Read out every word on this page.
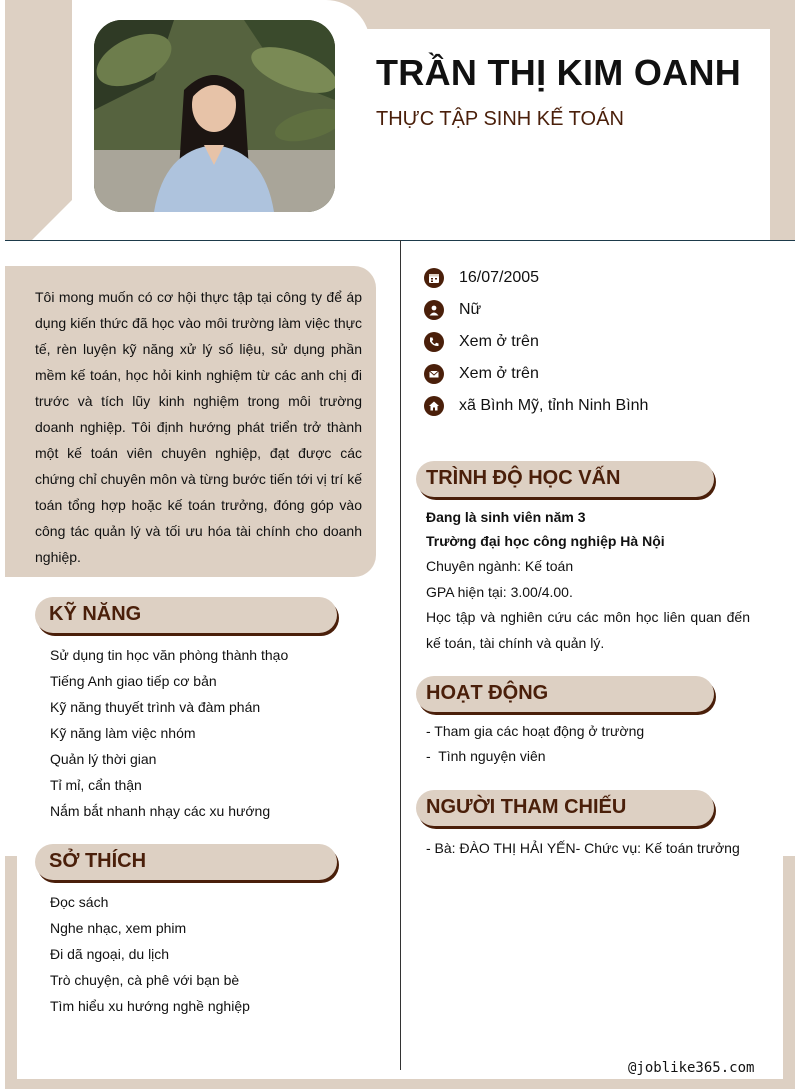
TRẦN THỊ KIM OANH
THỰC TẬP SINH KẾ TOÁN

Tôi mong muốn có cơ hội thực tập tại công ty để áp dụng kiến thức đã học vào môi trường làm việc thực tế, rèn luyện kỹ năng xử lý số liệu, sử dụng phần mềm kế toán, học hỏi kinh nghiệm từ các anh chị đi trước và tích lũy kinh nghiệm trong môi trường doanh nghiệp. Tôi định hướng phát triển trở thành một kế toán viên chuyên nghiệp, đạt được các chứng chỉ chuyên môn và từng bước tiến tới vị trí kế toán tổng hợp hoặc kế toán trưởng, đóng góp vào công tác quản lý và tối ưu hóa tài chính cho doanh nghiệp.

KỸ NĂNG
Sử dụng tin học văn phòng thành thạo
Tiếng Anh giao tiếp cơ bản
Kỹ năng thuyết trình và đàm phán
Kỹ năng làm việc nhóm
Quản lý thời gian
Tỉ mỉ, cẩn thận
Nắm bắt nhanh nhạy các xu hướng
SỞ THÍCH
Đọc sách
Nghe nhạc, xem phim
Đi dã ngoại, du lịch
Trò chuyện, cà phê với bạn bè
Tìm hiểu xu hướng nghề nghiệp
16/07/2005
Nữ
Xem ở trên
Xem ở trên
xã Bình Mỹ, tỉnh Ninh Bình
TRÌNH ĐỘ HỌC VẤN
Đang là sinh viên năm 3
Trường đại học công nghiệp Hà Nội
Chuyên ngành: Kế toán
GPA hiện tại: 3.00/4.00.

Học tập và nghiên cứu các môn học liên quan đến kế toán, tài chính và quản lý.

HOẠT ĐỘNG
- Tham gia các hoạt động ở trường
-  Tình nguyện viên
NGƯỜI THAM CHIẾU
- Bà: ĐÀO THỊ HẢI YẾN- Chức vụ: Kế toán trưởng
@joblike365.com
